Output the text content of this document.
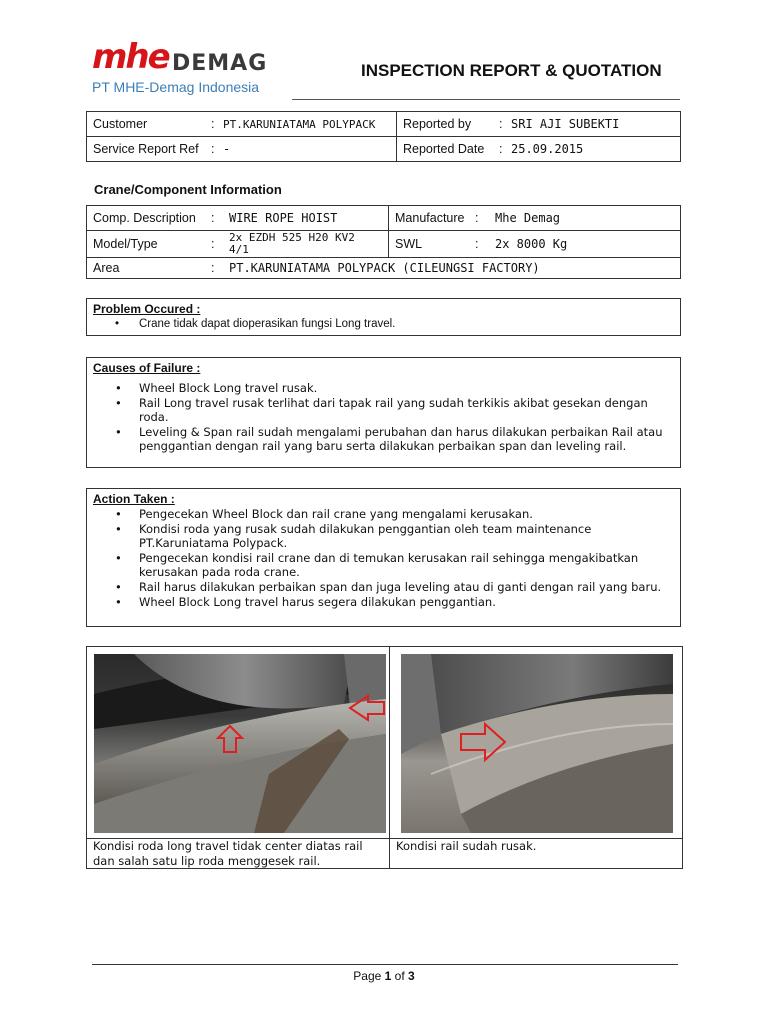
mhe DEMAG
PT MHE-Demag Indonesia
INSPECTION REPORT & QUOTATION
Customer : PT.KARUNIATAMA POLYPACK	Reported by : SRI AJI SUBEKTI
Service Report Ref : -	Reported Date : 25.09.2015
Crane/Component Information
Comp. Description : WIRE ROPE HOIST	Manufacture : Mhe Demag
Model/Type : 2x EZDH 525 H20 KV2
4/1	SWL : 2x 8000 Kg
Area : PT.KARUNIATAMA POLYPACK (CILEUNGSI FACTORY)	
Problem Occured :
• Crane tidak dapat dioperasikan fungsi Long travel.
Causes of Failure :
• Wheel Block Long travel rusak.
• Rail Long travel rusak terlihat dari tapak rail yang sudah terkikis akibat gesekan dengan roda.
• Leveling & Span rail sudah mengalami perubahan dan harus dilakukan perbaikan Rail atau penggantian dengan rail yang baru serta dilakukan perbaikan span dan leveling rail.
Action Taken :
• Pengecekan Wheel Block dan rail crane yang mengalami kerusakan.
• Kondisi roda yang rusak sudah dilakukan penggantian oleh team maintenance PT.Karuniatama Polypack.
• Pengecekan kondisi rail crane dan di temukan kerusakan rail sehingga mengakibatkan kerusakan pada roda crane.
• Rail harus dilakukan perbaikan span dan juga leveling atau di ganti dengan rail yang baru.
• Wheel Block Long travel harus segera dilakukan penggantian.
Kondisi roda long travel tidak center diatas rail dan salah satu lip roda menggesek rail.
Kondisi rail sudah rusak.
Page 1 of 3
